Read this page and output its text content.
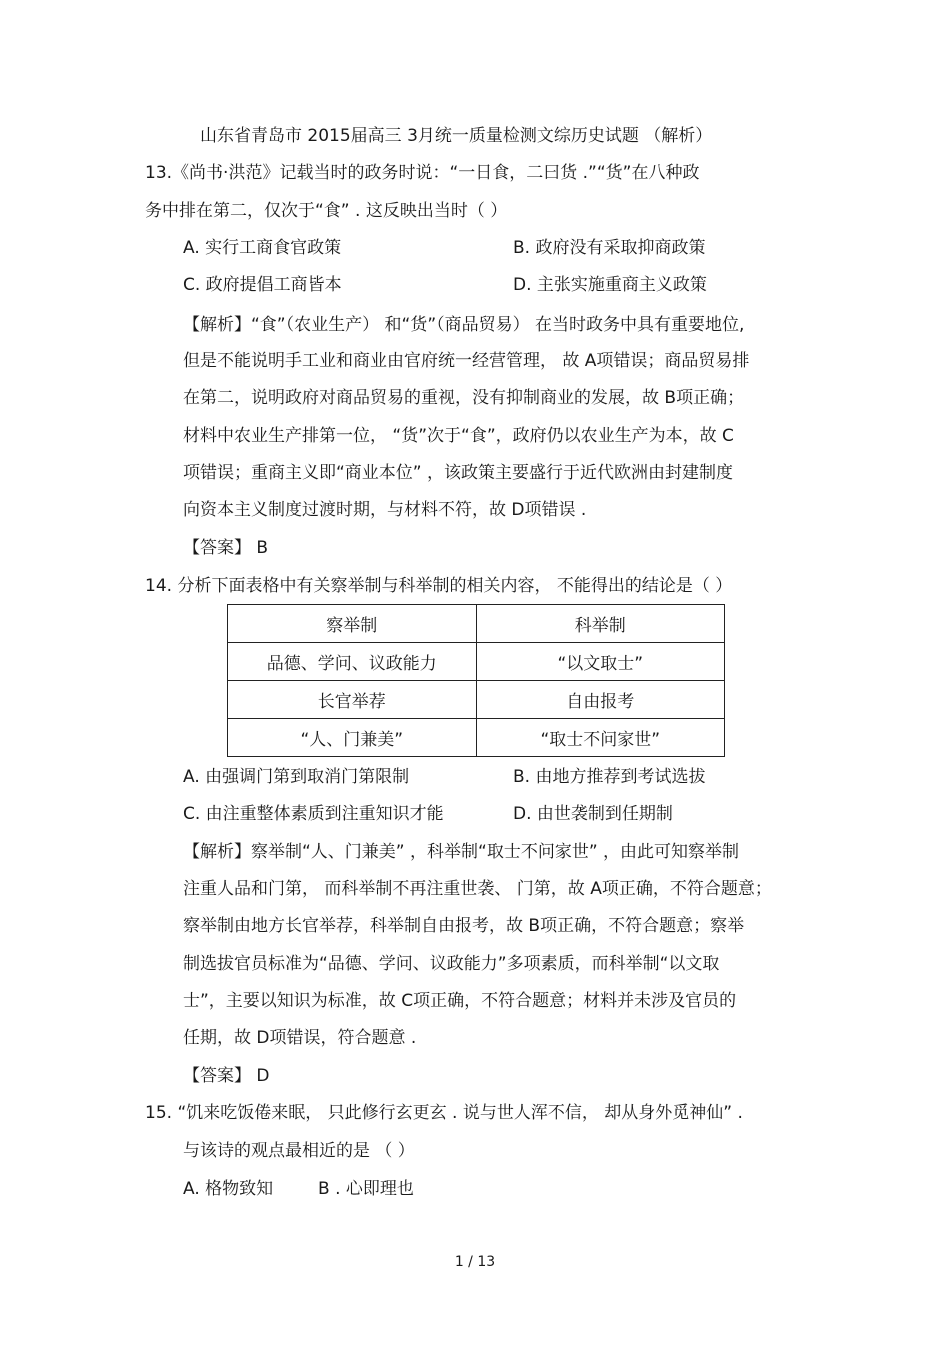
山东省青岛市 2015届高三 3月统一质量检测文综历史试题 （解析）
13.《尚书·洪范》记载当时的政务时说：“一日食，二曰货 .”“货”在八种政
务中排在第二，仅次于“食” . 这反映出当时（ ）
A. 实行工商食官政策	B. 政府没有采取抑商政策
C. 政府提倡工商皆本	D. 主张实施重商主义政策
【解析】“食”（农业生产） 和“货”（商品贸易） 在当时政务中具有重要地位,
但是不能说明手工业和商业由官府统一经营管理， 故 A项错误；商品贸易排
在第二，说明政府对商品贸易的重视，没有抑制商业的发展，故 B项正确；
材料中农业生产排第一位， “货”次于“食”，政府仍以农业生产为本，故 C
项错误；重商主义即“商业本位” ，该政策主要盛行于近代欧洲由封建制度
向资本主义制度过渡时期，与材料不符，故 D项错误 .
【答案】 B
14. 分析下面表格中有关察举制与科举制的相关内容， 不能得出的结论是（ ）
察举制	科举制
品德、学问、议政能力	“以文取士”
长官举荐	自由报考
“人、门兼美”	“取士不问家世”
A. 由强调门第到取消门第限制	B. 由地方推荐到考试选拔
C. 由注重整体素质到注重知识才能	D. 由世袭制到任期制
【解析】察举制“人、门兼美” ，科举制“取士不问家世” ，由此可知察举制
注重人品和门第， 而科举制不再注重世袭、 门第，故 A项正确，不符合题意；
察举制由地方长官举荐，科举制自由报考，故 B项正确，不符合题意；察举
制选拔官员标准为“品德、学问、议政能力”多项素质，而科举制“以文取
士”，主要以知识为标准，故 C项正确，不符合题意；材料并未涉及官员的
任期，故 D项错误，符合题意 .
【答案】 D
15. “饥来吃饭倦来眠， 只此修行玄更玄 . 说与世人浑不信， 却从身外觅神仙” .
与该诗的观点最相近的是 （ ）
A. 格物致知	B . 心即理也
1 / 13
